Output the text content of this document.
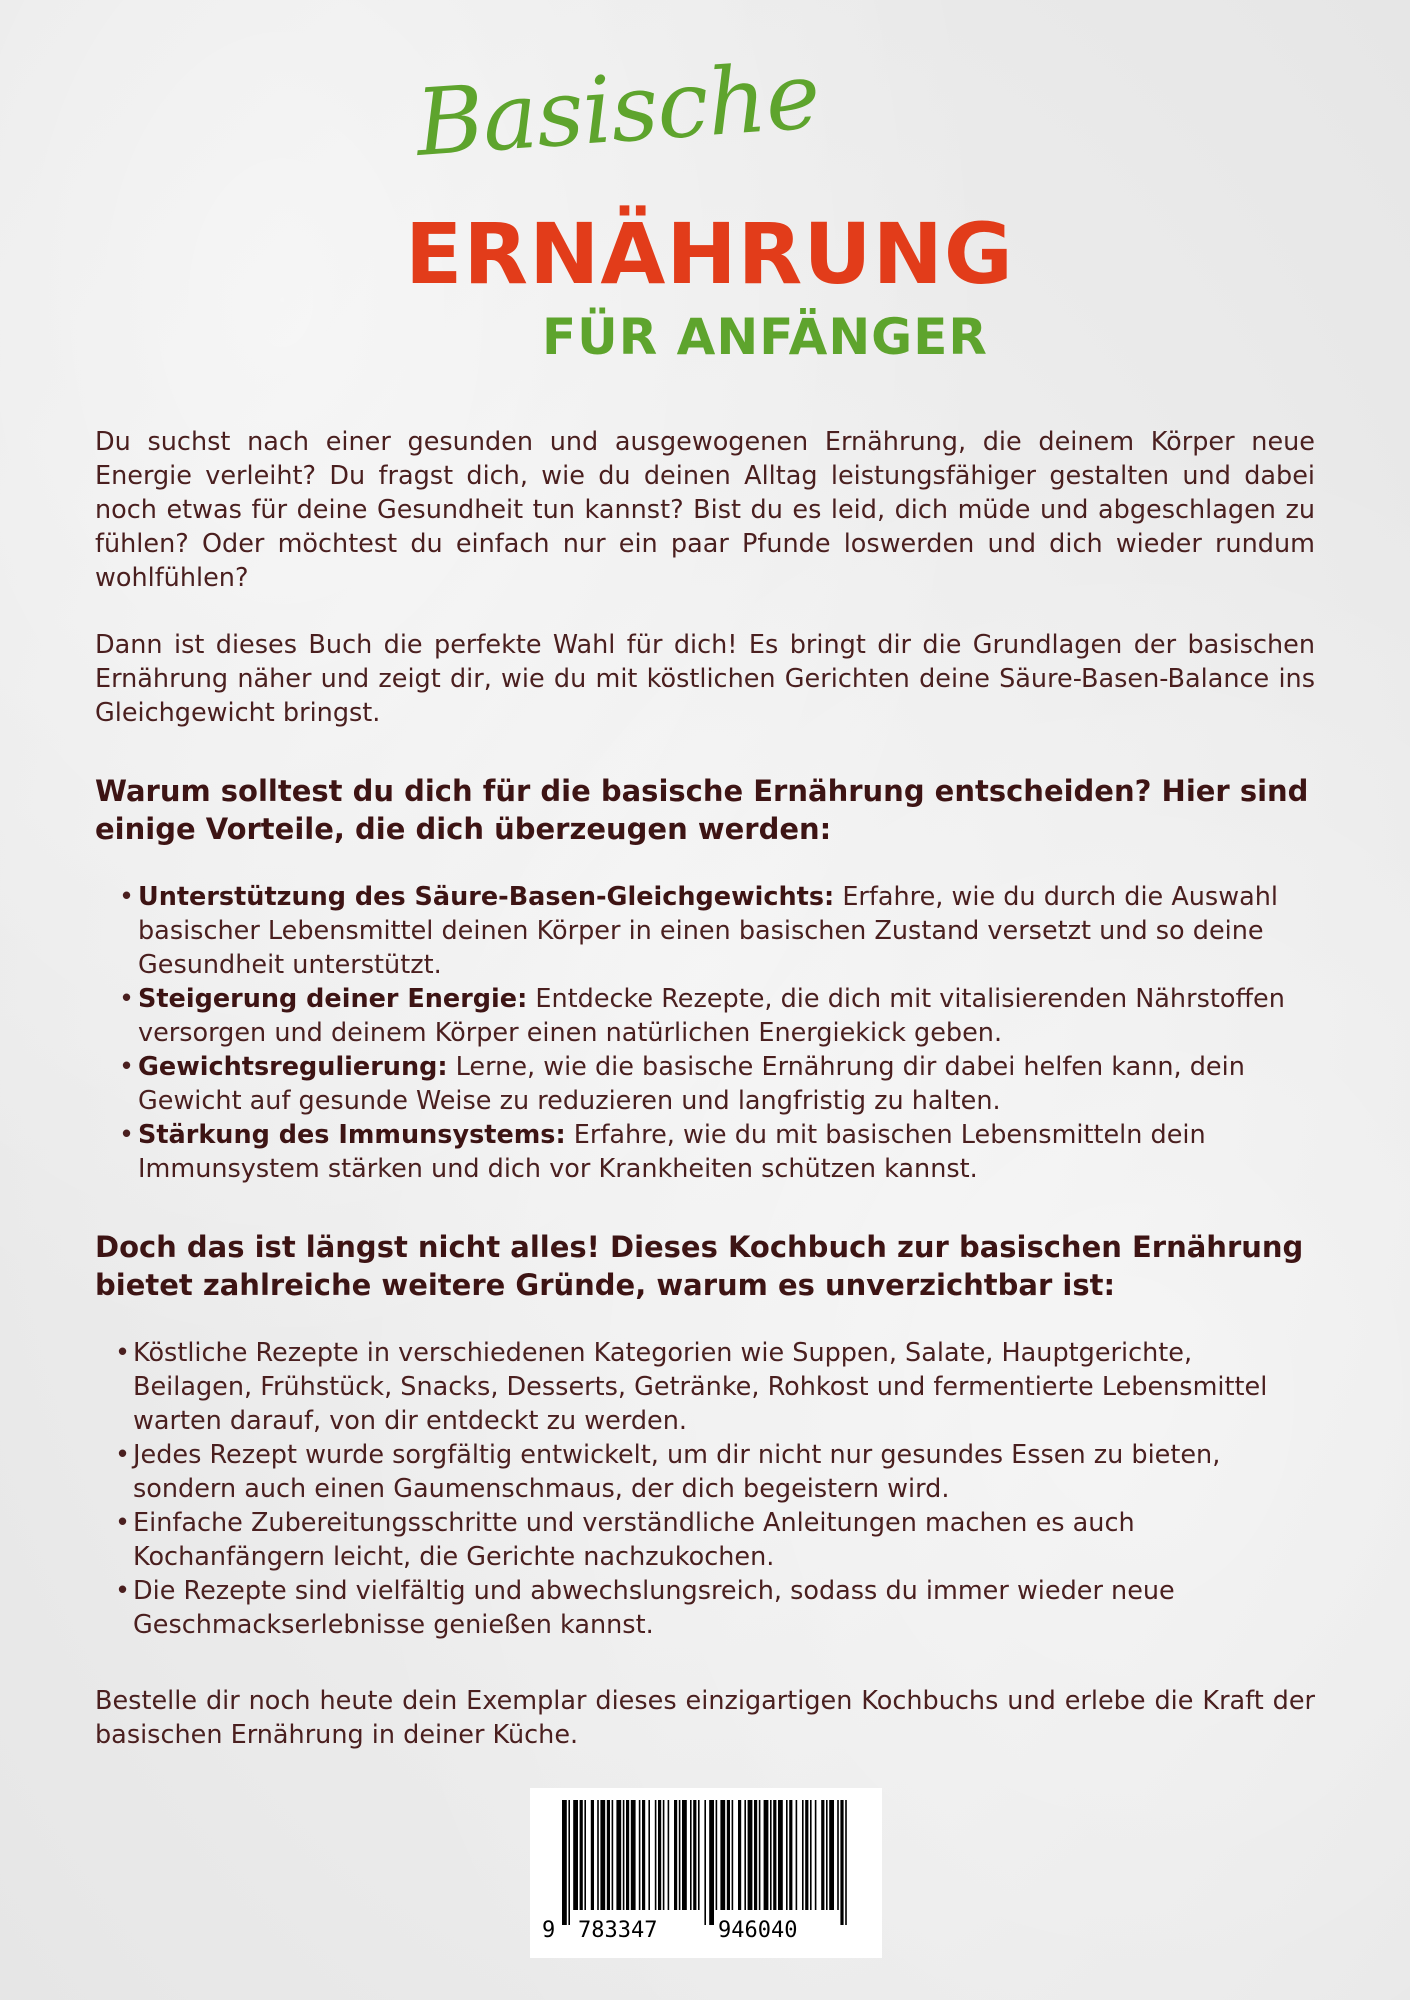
Basische
ERNÄHRUNG
FÜR ANFÄNGER

Du suchst nach einer gesunden und ausgewogenen Ernährung, die deinem Körper neue Energie verleiht? Du fragst dich, wie du deinen Alltag leistungsfähiger gestalten und dabei noch etwas für deine Gesundheit tun kannst? Bist du es leid, dich müde und abgeschlagen zu fühlen? Oder möchtest du einfach nur ein paar Pfunde loswerden und dich wieder rundum wohlfühlen?

Dann ist dieses Buch die perfekte Wahl für dich! Es bringt dir die Grundlagen der basischen Ernährung näher und zeigt dir, wie du mit köstlichen Gerichten deine Säure-Basen-Balance ins Gleichgewicht bringst.

Warum solltest du dich für die basische Ernährung entscheiden? Hier sind einige Vorteile, die dich überzeugen werden:
• Unterstützung des Säure-Basen-Gleichgewichts: Erfahre, wie du durch die Auswahl basischer Lebensmittel deinen Körper in einen basischen Zustand versetzt und so deine Gesundheit unterstützt.
• Steigerung deiner Energie: Entdecke Rezepte, die dich mit vitalisierenden Nährstoffen versorgen und deinem Körper einen natürlichen Energiekick geben.
• Gewichtsregulierung: Lerne, wie die basische Ernährung dir dabei helfen kann, dein Gewicht auf gesunde Weise zu reduzieren und langfristig zu halten.
• Stärkung des Immunsystems: Erfahre, wie du mit basischen Lebensmitteln dein Immunsystem stärken und dich vor Krankheiten schützen kannst.
Doch das ist längst nicht alles! Dieses Kochbuch zur basischen Ernährung bietet zahlreiche weitere Gründe, warum es unverzichtbar ist:
• Köstliche Rezepte in verschiedenen Kategorien wie Suppen, Salate, Hauptgerichte, Beilagen, Frühstück, Snacks, Desserts, Getränke, Rohkost und fermentierte Lebensmittel warten darauf, von dir entdeckt zu werden.
• Jedes Rezept wurde sorgfältig entwickelt, um dir nicht nur gesundes Essen zu bieten, sondern auch einen Gaumenschmaus, der dich begeistern wird.
• Einfache Zubereitungsschritte und verständliche Anleitungen machen es auch Kochanfängern leicht, die Gerichte nachzukochen.
• Die Rezepte sind vielfältig und abwechslungsreich, sodass du immer wieder neue Geschmackserlebnisse genießen kannst.

Bestelle dir noch heute dein Exemplar dieses einzigartigen Kochbuchs und erlebe die Kraft der basischen Ernährung in deiner Küche.

9 783347	946040
